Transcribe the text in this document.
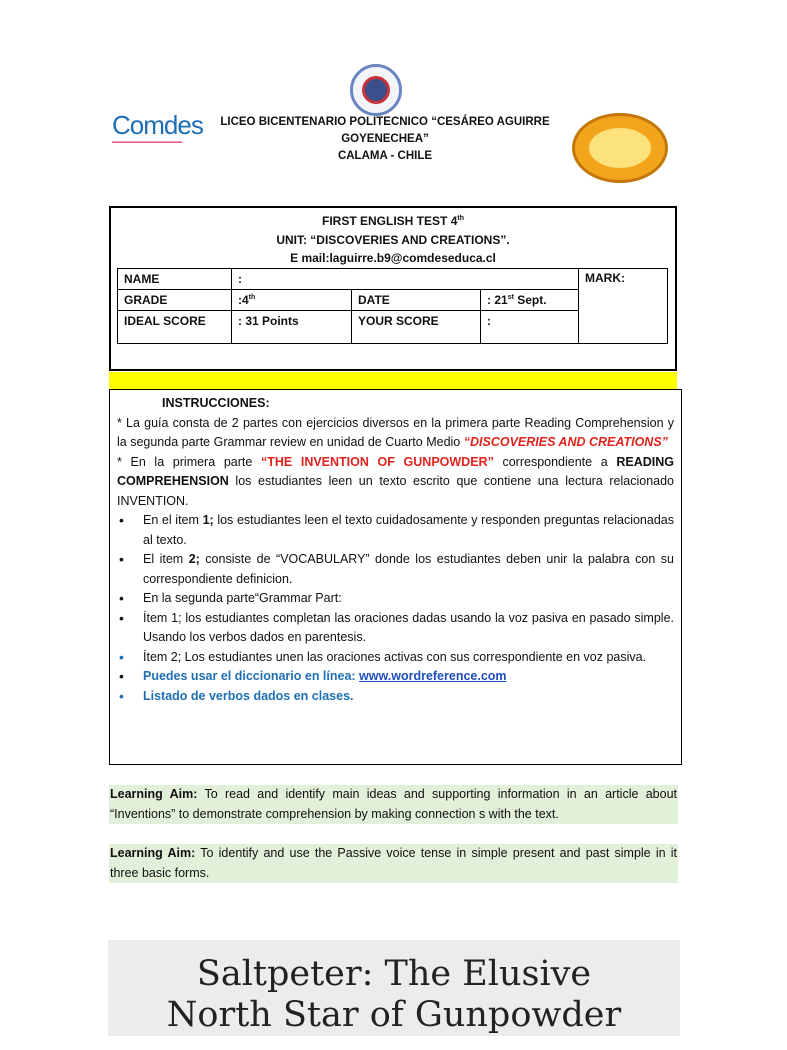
Comdes
▬▬▬▬▬▬▬▬▬▬▬▬▬▬
LICEO BICENTENARIO POLITECNICO “CESÁREO AGUIRRE
GOYENECHEA”
CALAMA - CHILE
FIRST ENGLISH TEST 4th
UNIT: “DISCOVERIES AND CREATIONS”.
E mail:laguirre.b9@comdeseduca.cl
NAME	:			MARK:
GRADE	:4th	DATE	: 21st Sept.	
IDEAL SCORE	: 31 Points	YOUR SCORE	:	
INSTRUCCIONES:
* La guía consta de 2 partes con ejercicios diversos en la primera parte Reading Comprehension y la segunda parte Grammar review en unidad de Cuarto Medio “DISCOVERIES AND CREATIONS”
* En la primera parte “THE INVENTION OF GUNPOWDER” correspondiente a READING COMPREHENSION los estudiantes leen un texto escrito que contiene una lectura relacionado INVENTION.
• En el item 1; los estudiantes leen el texto cuidadosamente y responden preguntas relacionadas al texto.
• El item 2; consiste de “VOCABULARY” donde los estudiantes deben unir la palabra con su correspondiente definicion.
• En la segunda parte“Grammar Part:
• Ítem 1; los estudiantes completan las oraciones dadas usando la voz pasiva en pasado simple. Usando los verbos dados en parentesis.
• Ítem 2; Los estudiantes unen las oraciones activas con sus correspondiente en voz pasiva.
• Puedes usar el diccionario en línea: www.wordreference.com
• Listado de verbos dados en clases.
Learning Aim: To read and identify main ideas and supporting information in an article about “Inventions” to demonstrate comprehension by making connection s with the text.
Learning Aim: To identify and use the Passive voice tense in simple present and past simple in it three basic forms.
Saltpeter: The Elusive
North Star of Gunpowder
